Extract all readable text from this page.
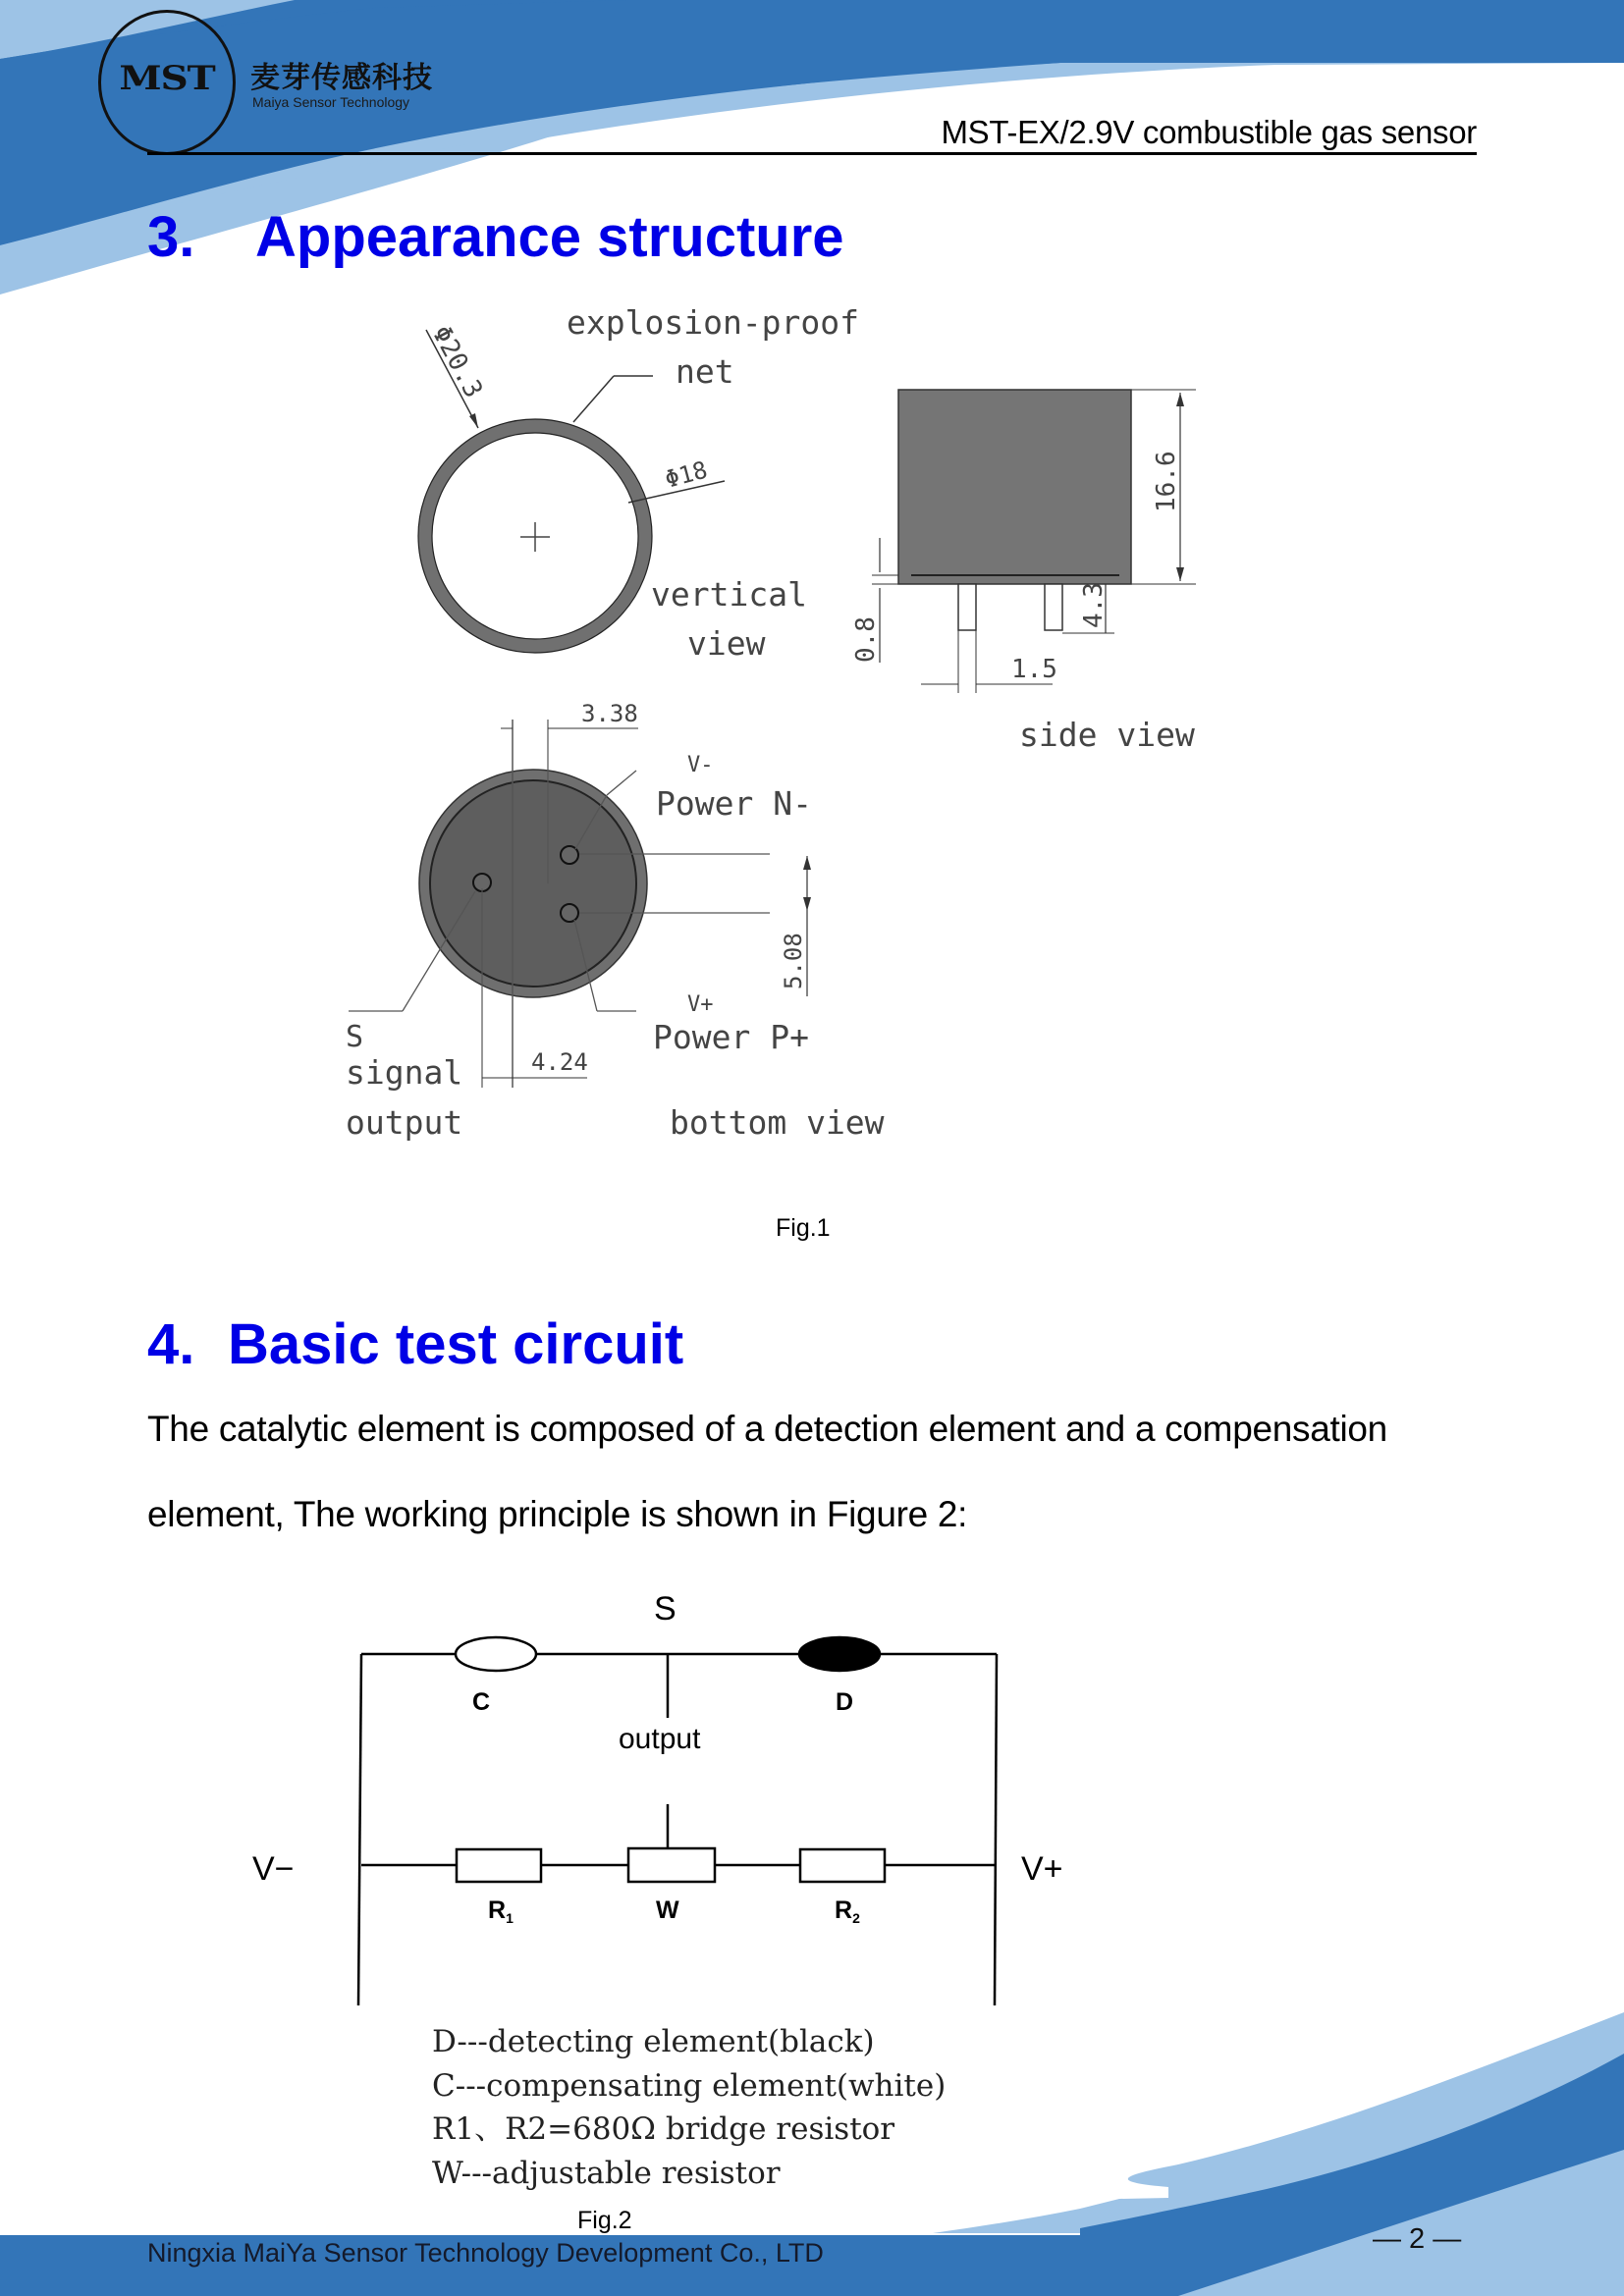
MST	麦芽传感科技
Maiya Sensor Technology
MST-EX/2.9V combustible gas sensor
3. Appearance structure
Φ20.3
Φ18
explosion-proof
net
vertical
view
16.6
4.3
0.8
1.5
side view
3.38
V-
Power N-
5.08
V+
Power P+
S
signal
output
4.24
bottom view
Fig.1
4. Basic test circuit
The catalytic element is composed of a detection element and a compensation
element, The working principle is shown in Figure 2:
S
C	D
output
V−	V+
$R_1$	W	$R_2$
D---detecting element(black)
C---compensating element(white)
R1、R2=680Ω bridge resistor
W---adjustable resistor
Fig.2
Ningxia MaiYa Sensor Technology Development Co., LTD	— 2 —
